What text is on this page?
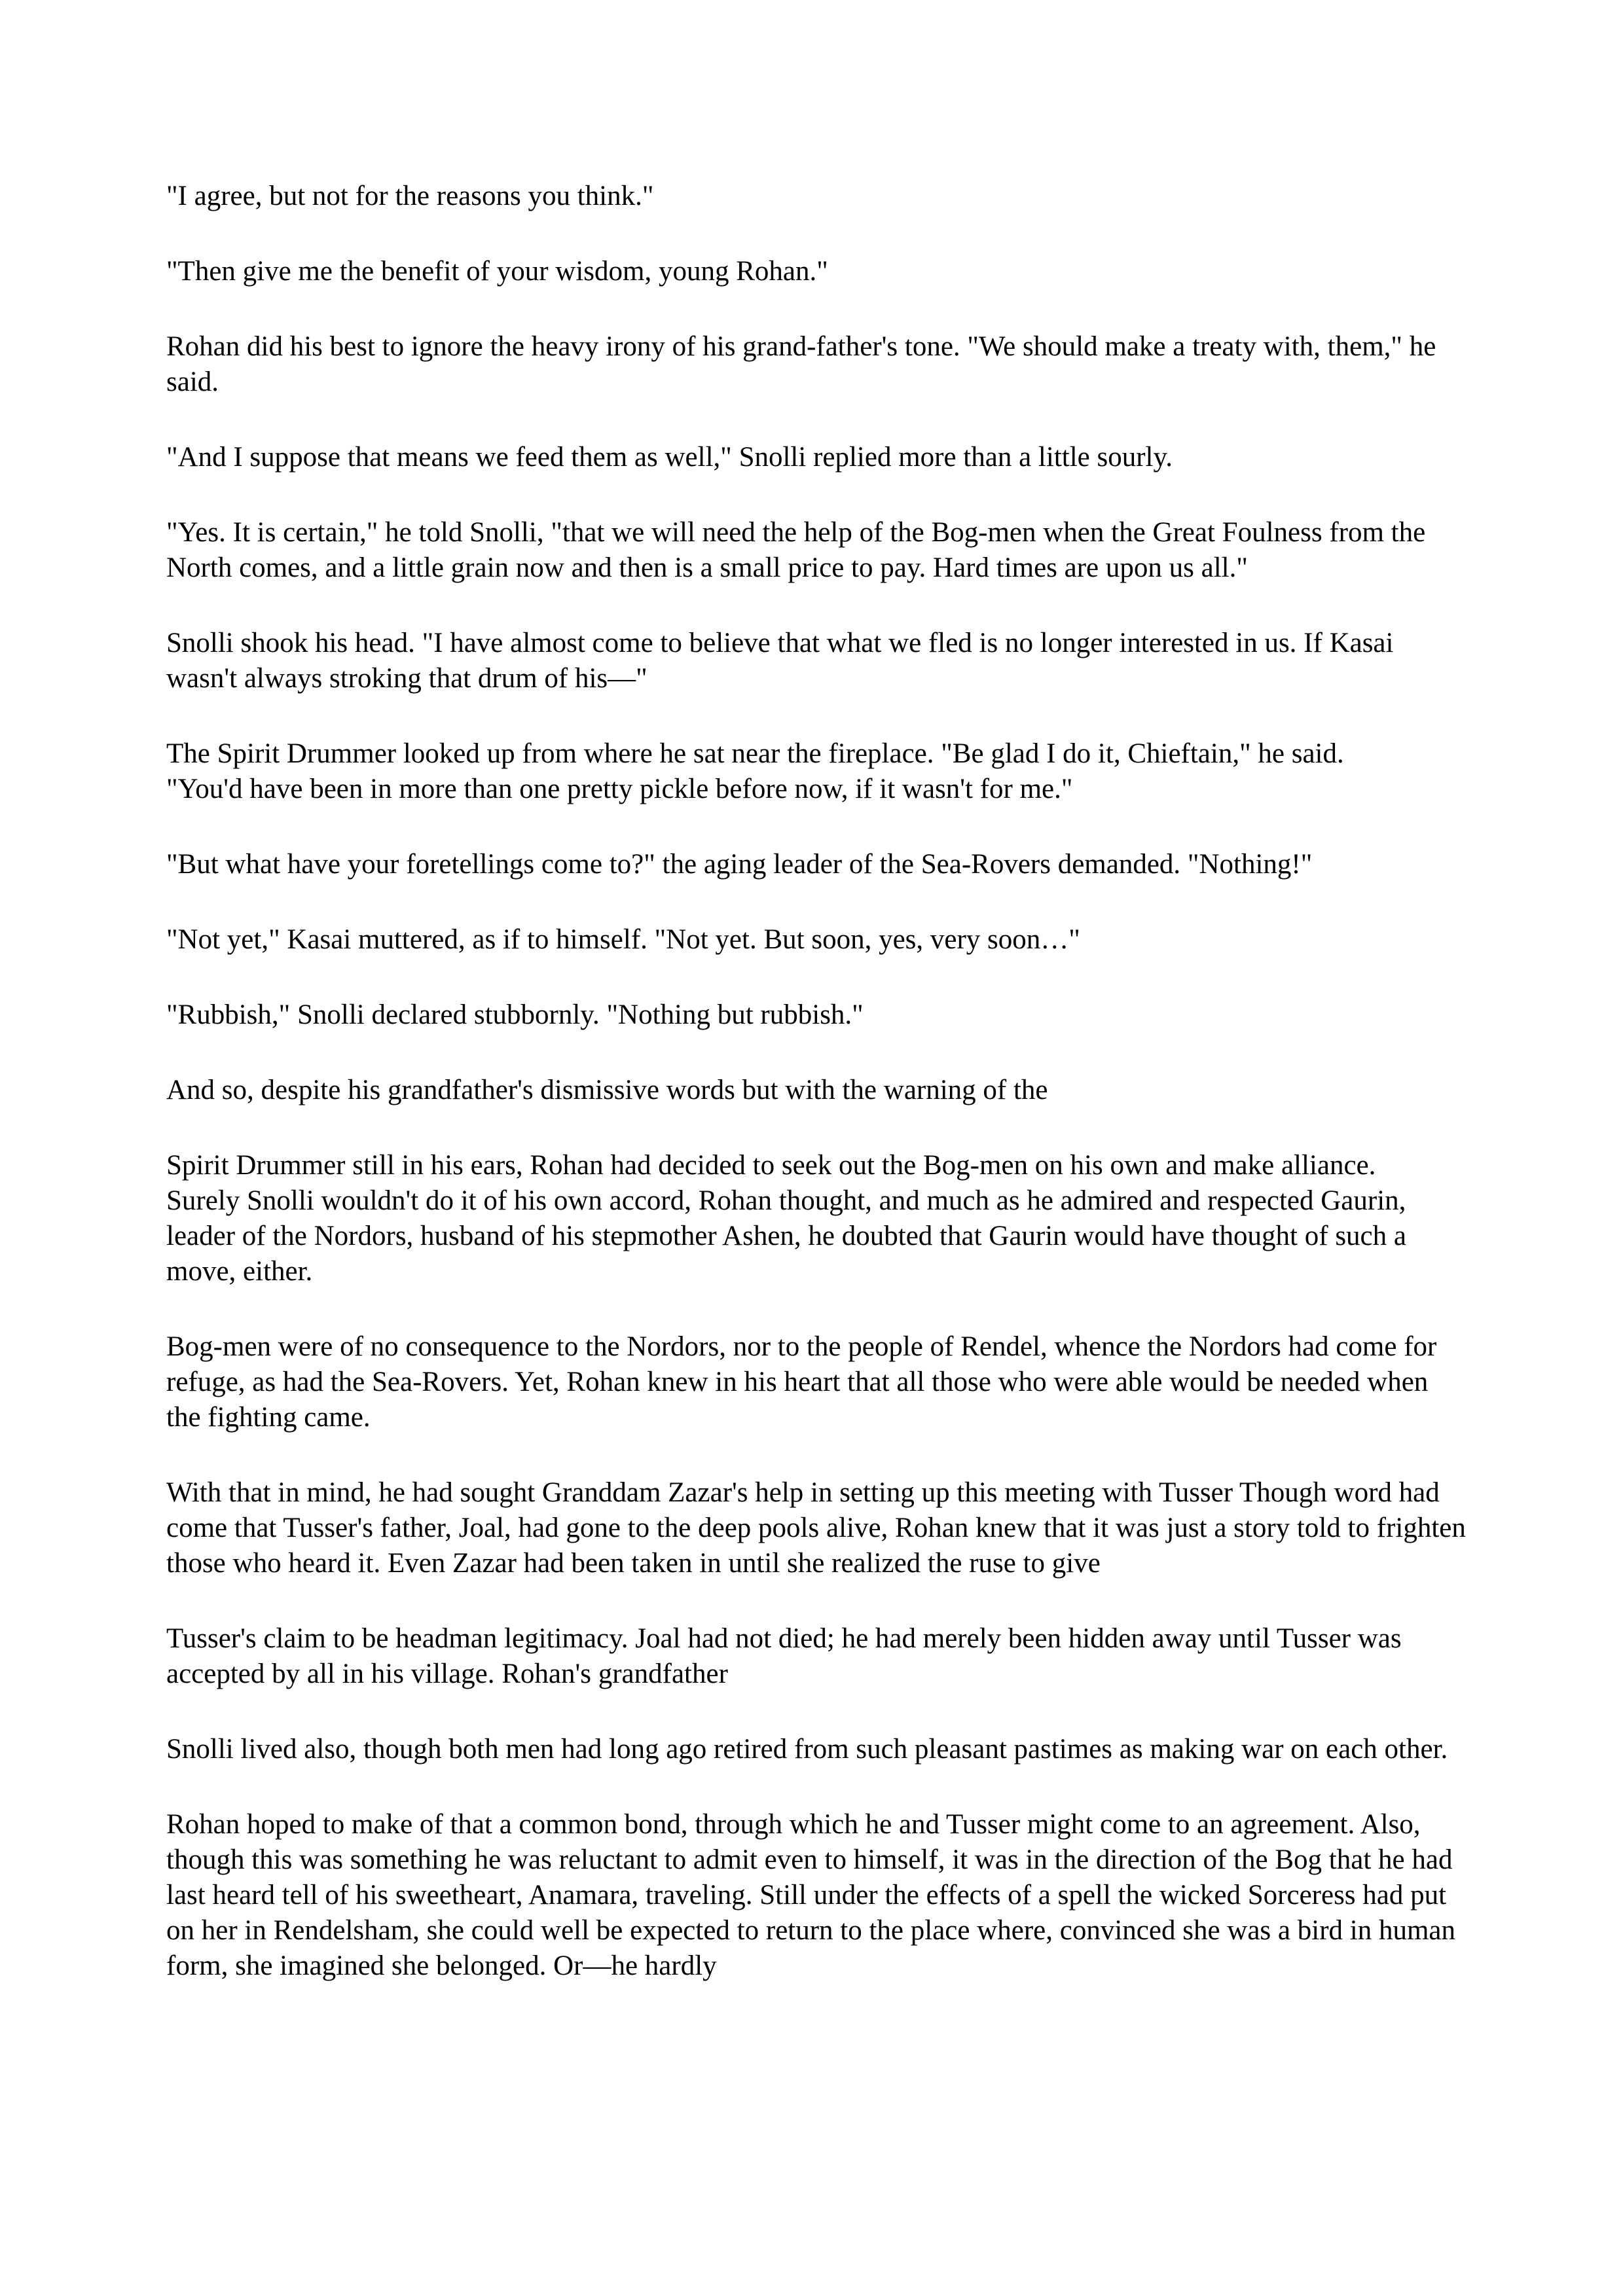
"I agree, but not for the reasons you think."

"Then give me the benefit of your wisdom, young Rohan."

Rohan did his best to ignore the heavy irony of his grand-father's tone. "We should make a treaty with, them," he said.

"And I suppose that means we feed them as well," Snolli replied more than a little sourly.

"Yes. It is certain," he told Snolli, "that we will need the help of the Bog-men when the Great Foulness from the North comes, and a little grain now and then is a small price to pay. Hard times are upon us all."

Snolli shook his head. "I have almost come to believe that what we fled is no longer interested in us. If Kasai wasn't always stroking that drum of his—"

The Spirit Drummer looked up from where he sat near the fireplace. "Be glad I do it, Chieftain," he said. "You'd have been in more than one pretty pickle before now, if it wasn't for me."

"But what have your foretellings come to?" the aging leader of the Sea-Rovers demanded. "Nothing!"

"Not yet," Kasai muttered, as if to himself. "Not yet. But soon, yes, very soon…"

"Rubbish," Snolli declared stubbornly. "Nothing but rubbish."

And so, despite his grandfather's dismissive words but with the warning of the

Spirit Drummer still in his ears, Rohan had decided to seek out the Bog-men on his own and make alliance. Surely Snolli wouldn't do it of his own accord, Rohan thought, and much as he admired and respected Gaurin, leader of the Nordors, husband of his stepmother Ashen, he doubted that Gaurin would have thought of such a move, either.

Bog-men were of no consequence to the Nordors, nor to the people of Rendel, whence the Nordors had come for refuge, as had the Sea-Rovers. Yet, Rohan knew in his heart that all those who were able would be needed when the fighting came.

With that in mind, he had sought Granddam Zazar's help in setting up this meeting with Tusser Though word had come that Tusser's father, Joal, had gone to the deep pools alive, Rohan knew that it was just a story told to frighten those who heard it. Even Zazar had been taken in until she realized the ruse to give

Tusser's claim to be headman legitimacy. Joal had not died; he had merely been hidden away until Tusser was accepted by all in his village. Rohan's grandfather

Snolli lived also, though both men had long ago retired from such pleasant pastimes as making war on each other.

Rohan hoped to make of that a common bond, through which he and Tusser might come to an agreement. Also, though this was something he was reluctant to admit even to himself, it was in the direction of the Bog that he had last heard tell of his sweetheart, Anamara, traveling. Still under the effects of a spell the wicked Sorceress had put on her in Rendelsham, she could well be expected to return to the place where, convinced she was a bird in human form, she imagined she belonged. Or—he hardly
